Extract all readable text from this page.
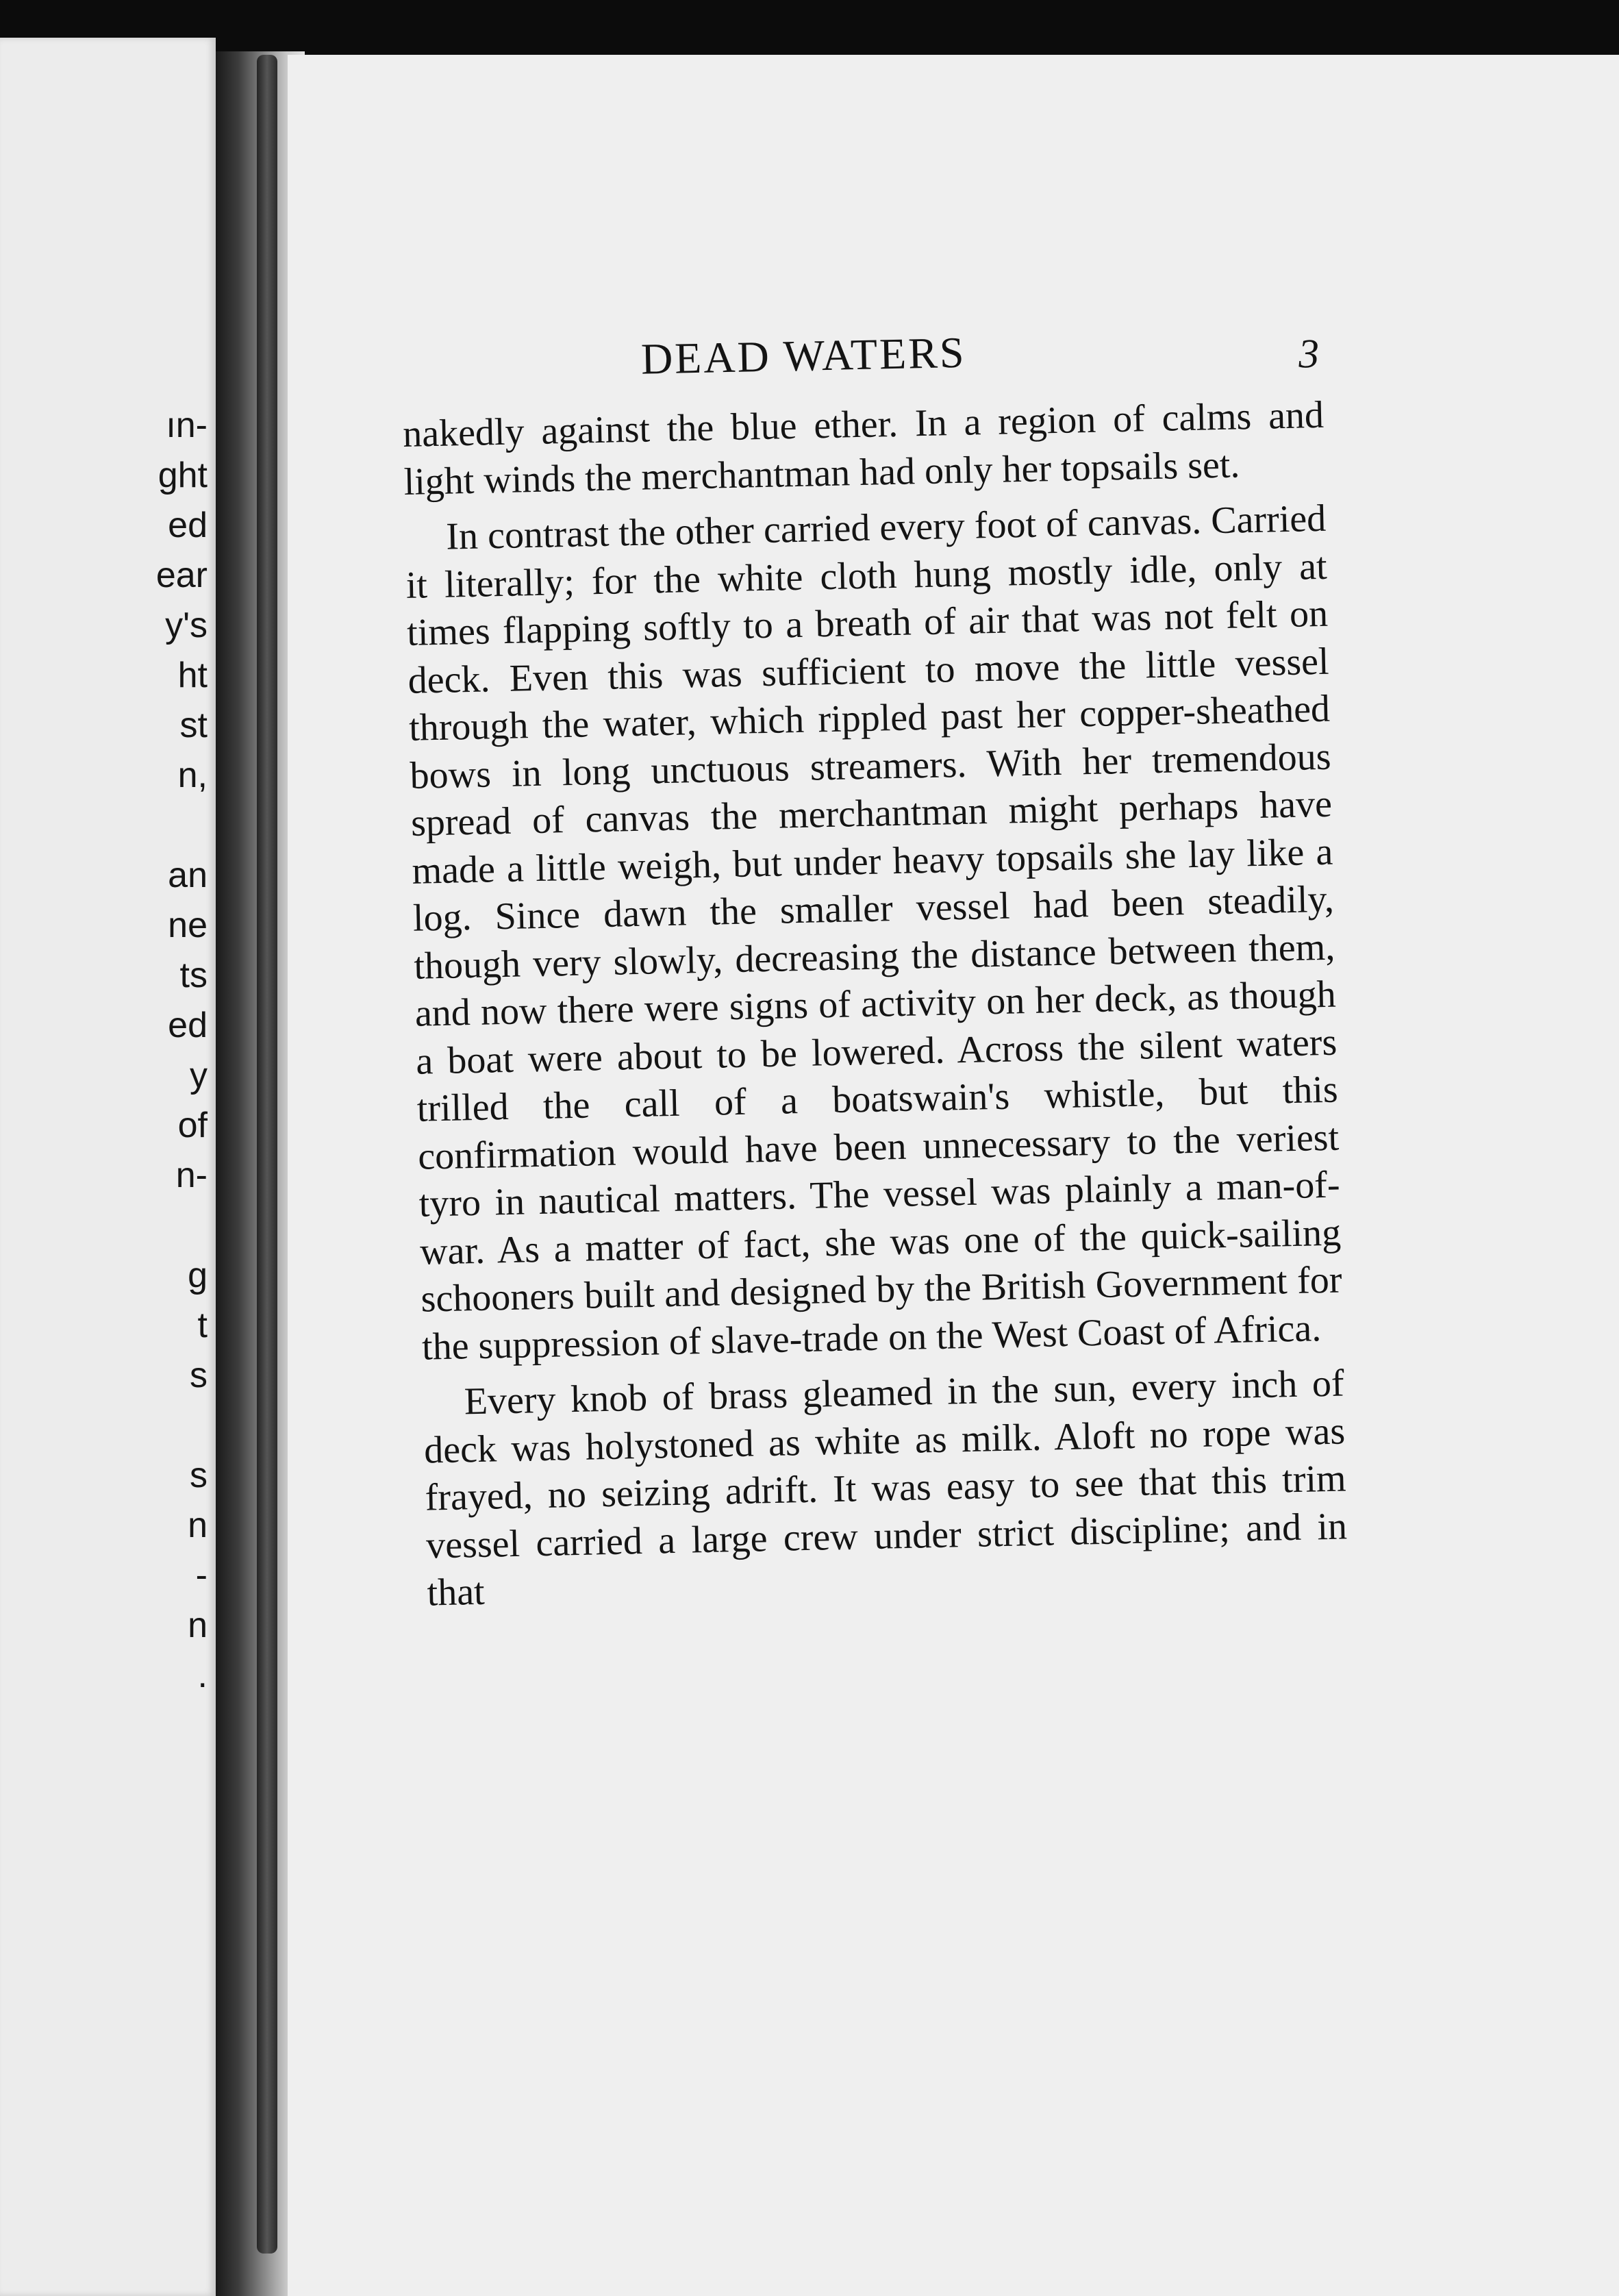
ın-
ght
ed
ear
y's
ht
st
n,
an
ne
ts
ed
y
of
n-
g
t
s
s
n
-
n
.
DEAD WATERS	3

nakedly against the blue ether. In a region of calms and light winds the merchantman had only her topsails set.

In contrast the other carried every foot of canvas. Carried it literally; for the white cloth hung mostly idle, only at times flapping softly to a breath of air that was not felt on deck. Even this was sufficient to move the little vessel through the water, which rippled past her copper-sheathed bows in long unctuous streamers. With her tremendous spread of canvas the merchantman might perhaps have made a little weigh, but under heavy topsails she lay like a log. Since dawn the smaller vessel had been steadily, though very slowly, decreasing the distance between them, and now there were signs of activity on her deck, as though a boat were about to be lowered. Across the silent waters trilled the call of a boatswain's whistle, but this confirmation would have been unnecessary to the veriest tyro in nautical matters. The vessel was plainly a man-of-war. As a matter of fact, she was one of the quick-sailing schooners built and designed by the British Government for the suppression of slave-trade on the West Coast of Africa.

Every knob of brass gleamed in the sun, every inch of deck was holystoned as white as milk. Aloft no rope was frayed, no seizing adrift. It was easy to see that this trim vessel carried a large crew under strict discipline; and in that
